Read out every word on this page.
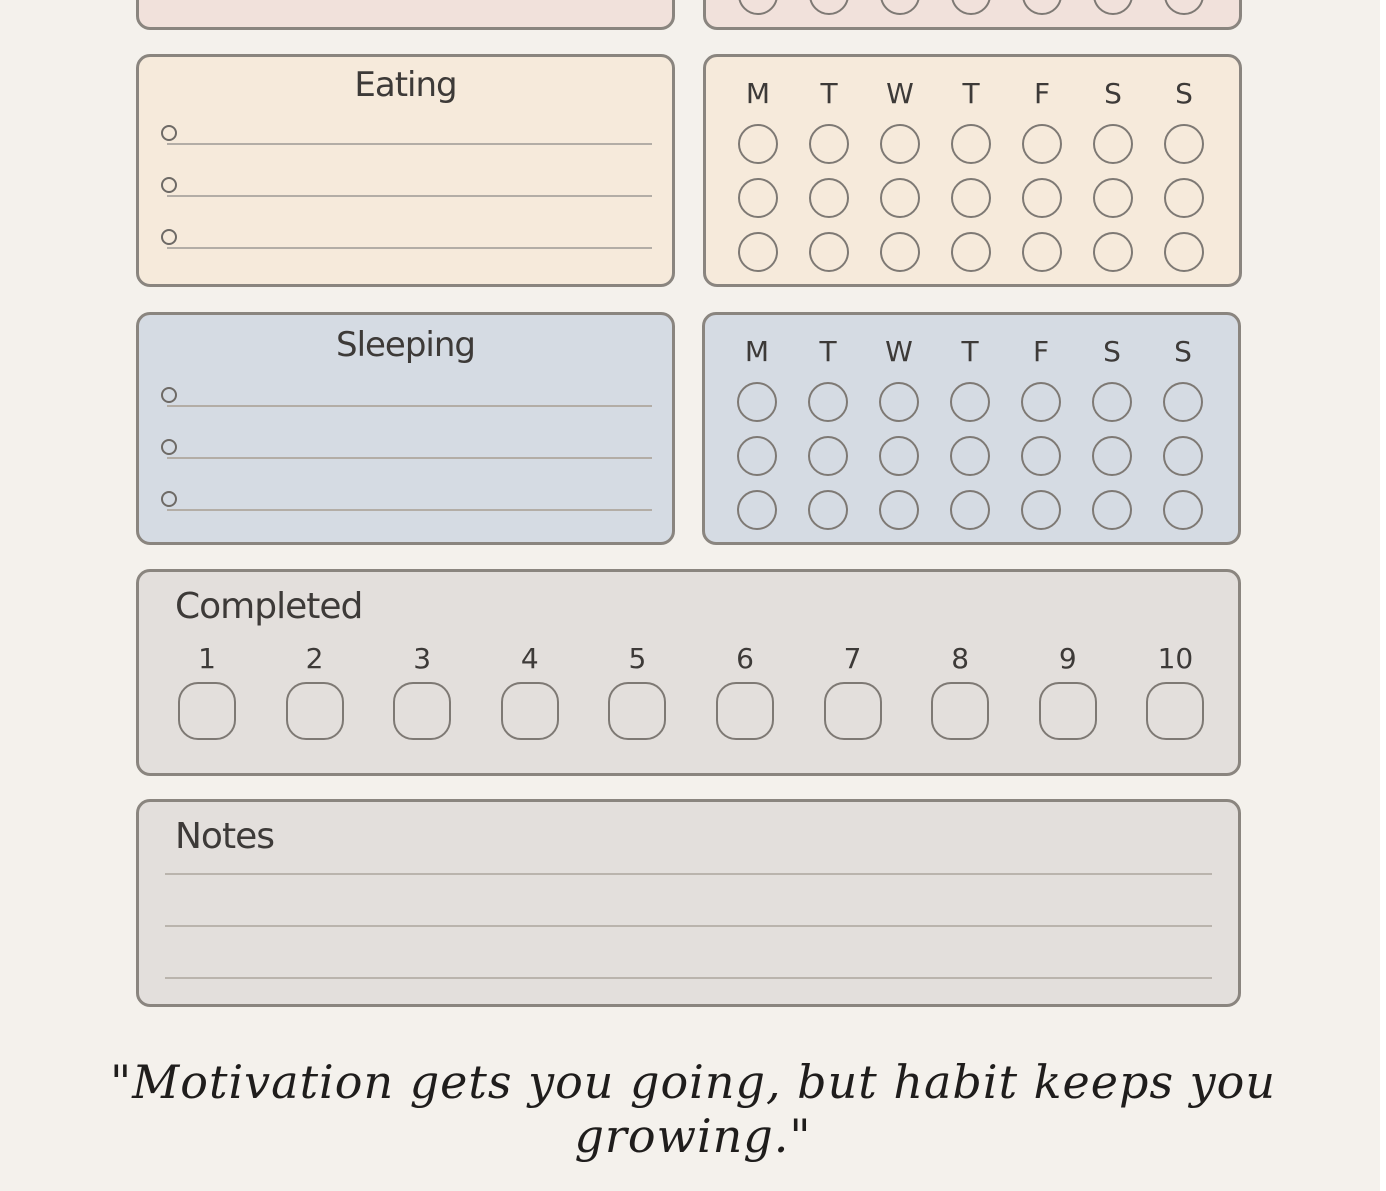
Eating	M	T	W	T	F	S	S
Sleeping	M	T	W	T	F	S	S
Completed
1	2	3	4	5	6	7	8	9	10
Notes
"Motivation gets you going, but habit keeps you growing."
